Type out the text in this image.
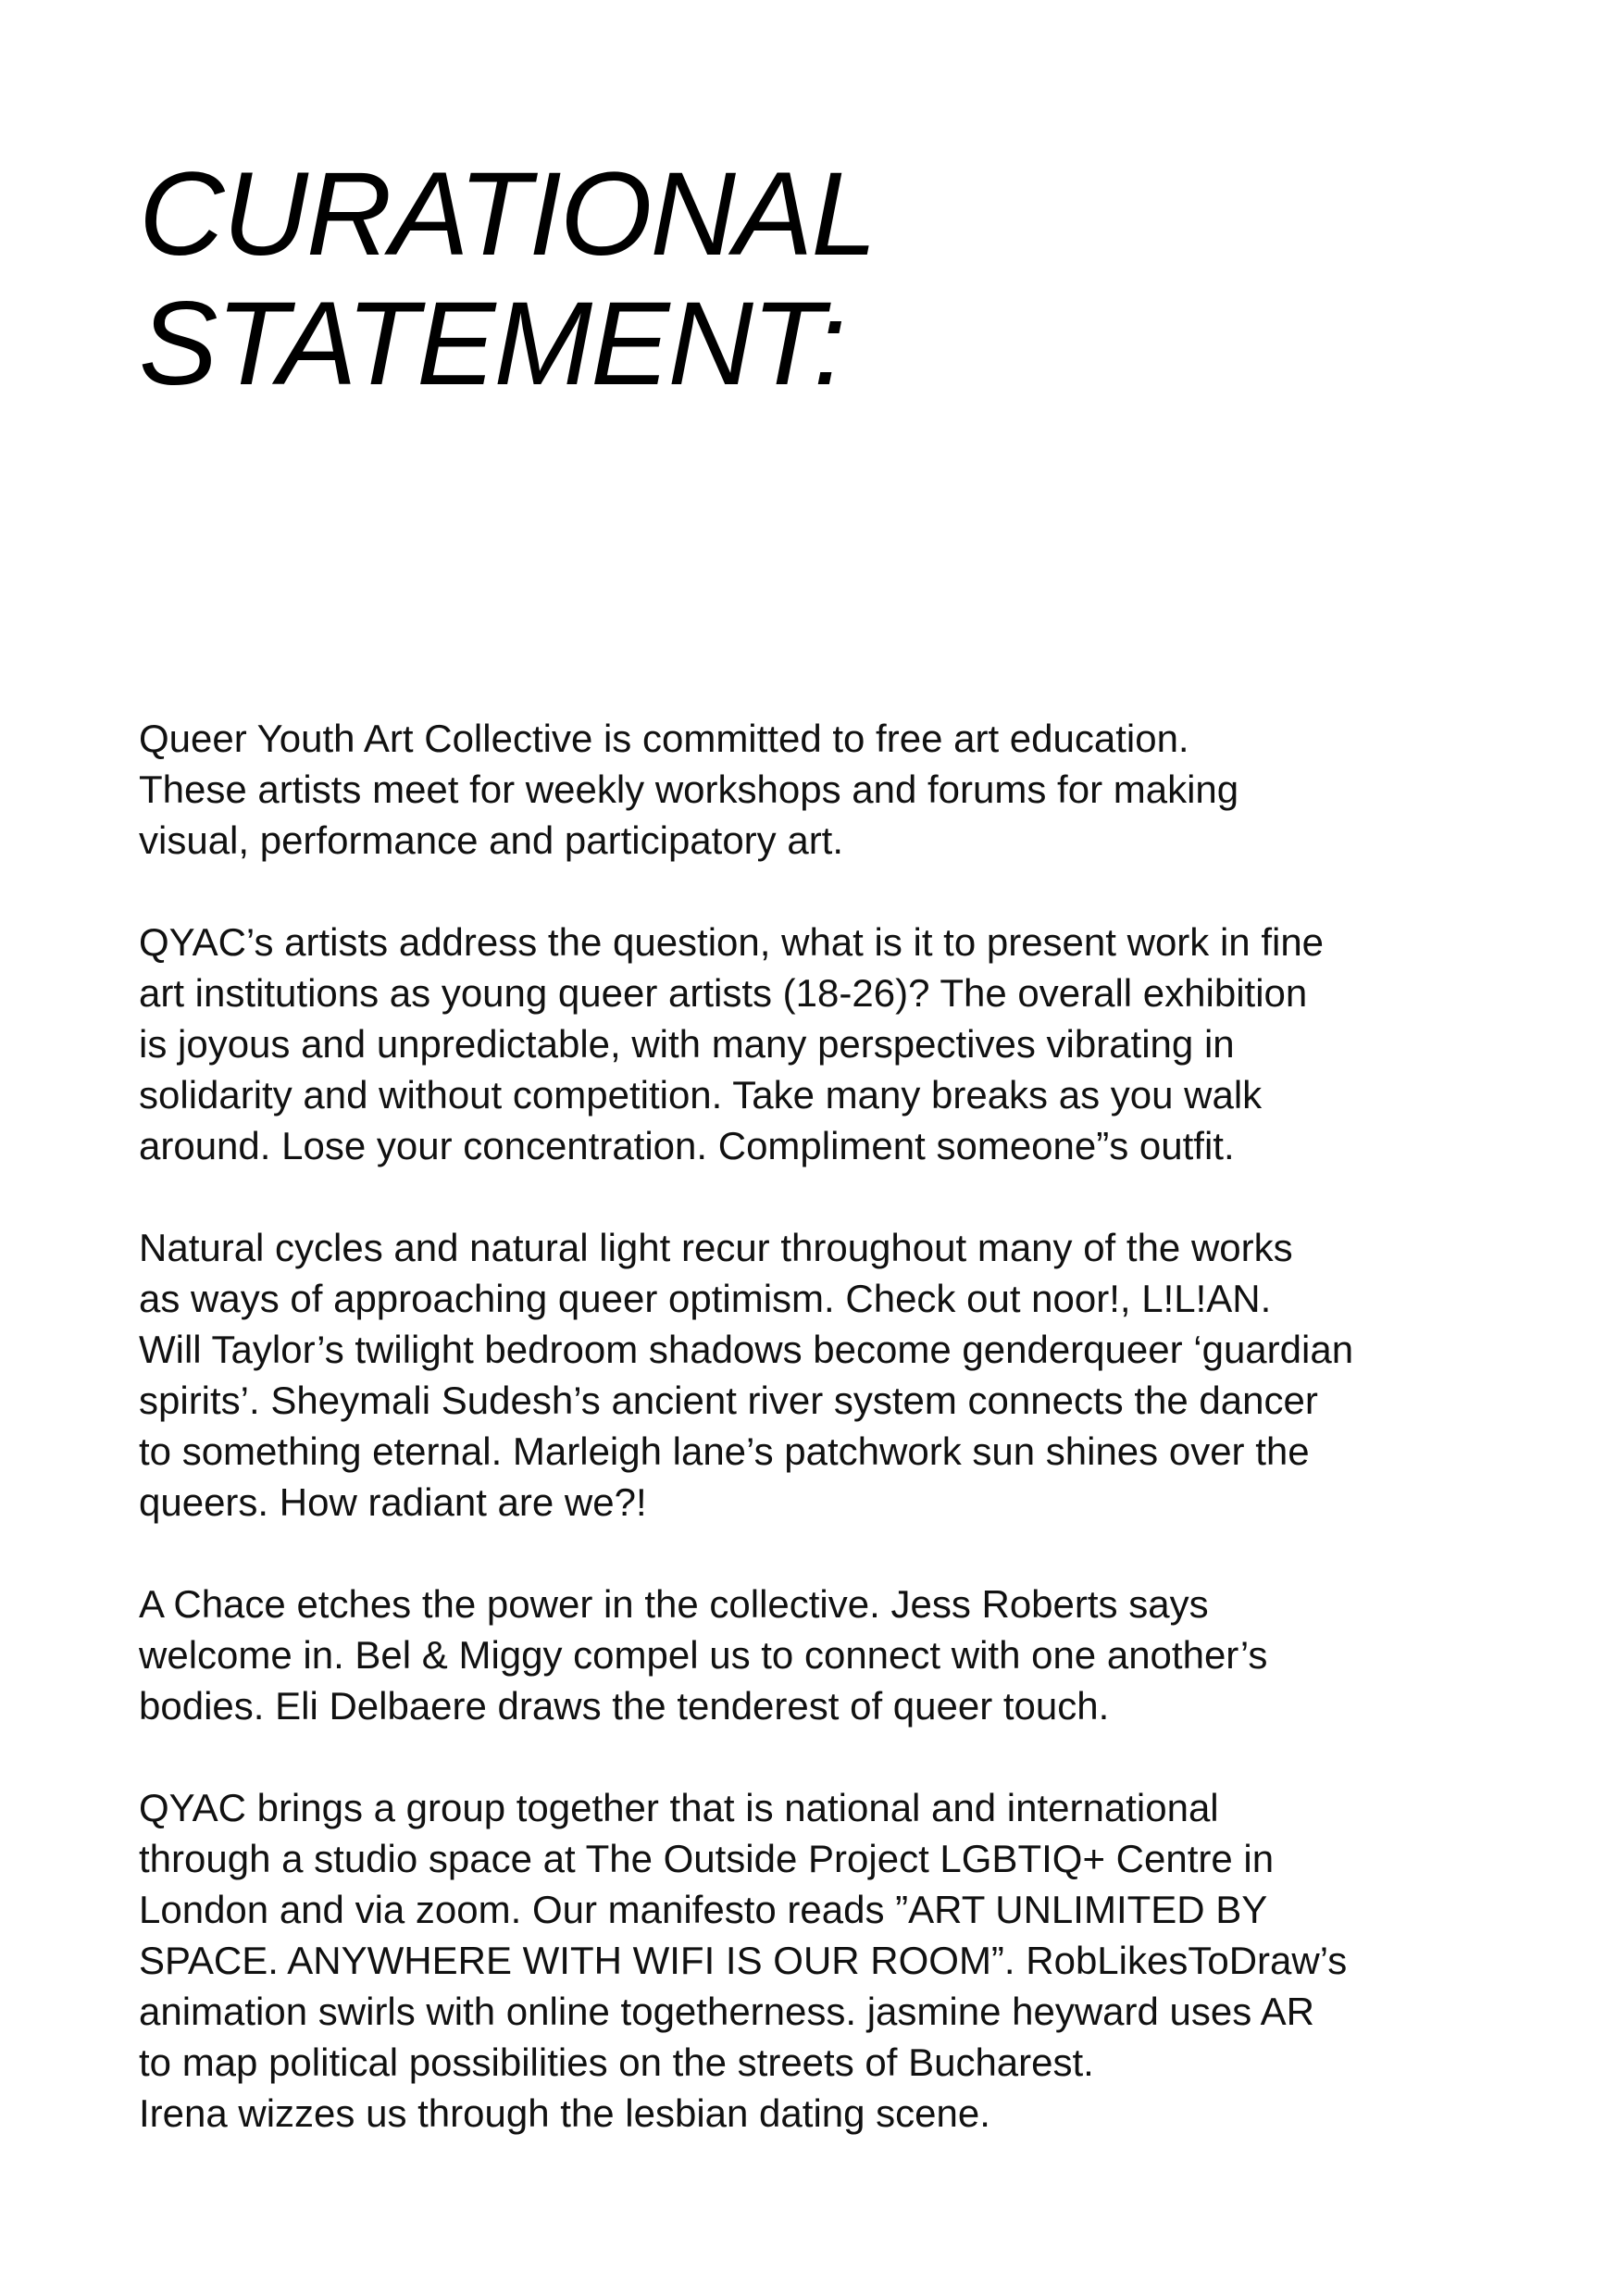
CURATIONAL
STATEMENT:

Queer Youth Art Collective is committed to free art education.
These artists meet for weekly workshops and forums for making
visual, performance and participatory art.

QYAC’s artists address the question, what is it to present work in fine
art institutions as young queer artists (18-26)? The overall exhibition
is joyous and unpredictable, with many perspectives vibrating in
solidarity and without competition. Take many breaks as you walk
around. Lose your concentration. Compliment someone”s outfit.

Natural cycles and natural light recur throughout many of the works
as ways of approaching queer optimism. Check out noor!, L!L!AN.
Will Taylor’s twilight bedroom shadows become genderqueer ‘guardian
spirits’. Sheymali Sudesh’s ancient river system connects the dancer
to something eternal. Marleigh lane’s patchwork sun shines over the
queers. How radiant are we?!

A Chace etches the power in the collective. Jess Roberts says
welcome in. Bel & Miggy compel us to connect with one another’s
bodies. Eli Delbaere draws the tenderest of queer touch.

QYAC brings a group together that is national and international
through a studio space at The Outside Project LGBTIQ+ Centre in
London and via zoom. Our manifesto reads ”ART UNLIMITED BY
SPACE. ANYWHERE WITH WIFI IS OUR ROOM”. RobLikesToDraw’s
animation swirls with online togetherness. jasmine heyward uses AR
to map political possibilities on the streets of Bucharest.
Irena wizzes us through the lesbian dating scene.
